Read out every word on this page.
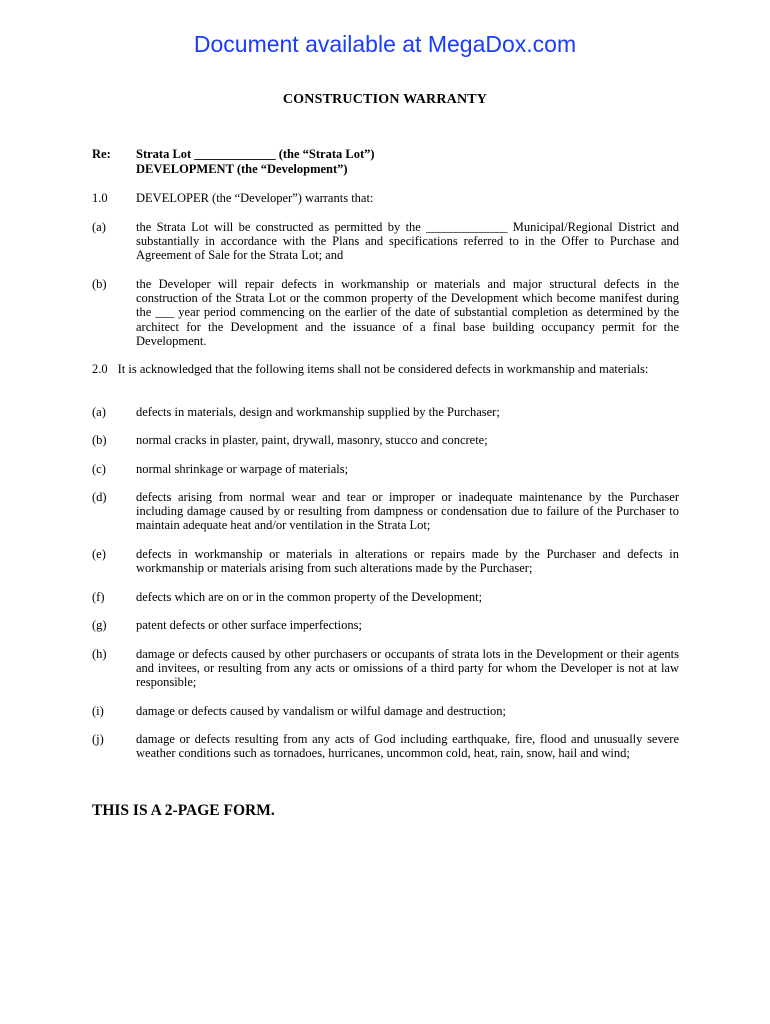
Document available at MegaDox.com
CONSTRUCTION WARRANTY
Re: Strata Lot _____________ (the “Strata Lot”)
DEVELOPMENT (the “Development”)
1.0 DEVELOPER (the “Developer”) warrants that:
(a) the Strata Lot will be constructed as permitted by the _____________ Municipal/Regional District and substantially in accordance with the Plans and specifications referred to in the Offer to Purchase and Agreement of Sale for the Strata Lot; and
(b) the Developer will repair defects in workmanship or materials and major structural defects in the construction of the Strata Lot or the common property of the Development which become manifest during the ___ year period commencing on the earlier of the date of substantial completion as determined by the architect for the Development and the issuance of a final base building occupancy permit for the Development.
2.0 It is acknowledged that the following items shall not be considered defects in workmanship and materials:
(a) defects in materials, design and workmanship supplied by the Purchaser;
(b) normal cracks in plaster, paint, drywall, masonry, stucco and concrete;
(c) normal shrinkage or warpage of materials;
(d) defects arising from normal wear and tear or improper or inadequate maintenance by the Purchaser including damage caused by or resulting from dampness or condensation due to failure of the Purchaser to maintain adequate heat and/or ventilation in the Strata Lot;
(e) defects in workmanship or materials in alterations or repairs made by the Purchaser and defects in workmanship or materials arising from such alterations made by the Purchaser;
(f)	defects which are on or in the common property of the Development;
(g) patent defects or other surface imperfections;
(h) damage or defects caused by other purchasers or occupants of strata lots in the Development or their agents and invitees, or resulting from any acts or omissions of a third party for whom the Developer is not at law responsible;
(i)	damage or defects caused by vandalism or wilful damage and destruction;
(j)	damage or defects resulting from any acts of God including earthquake, fire, flood and unusually severe weather conditions such as tornadoes, hurricanes, uncommon cold, heat, rain, snow, hail and wind;
THIS IS A 2-PAGE FORM.
